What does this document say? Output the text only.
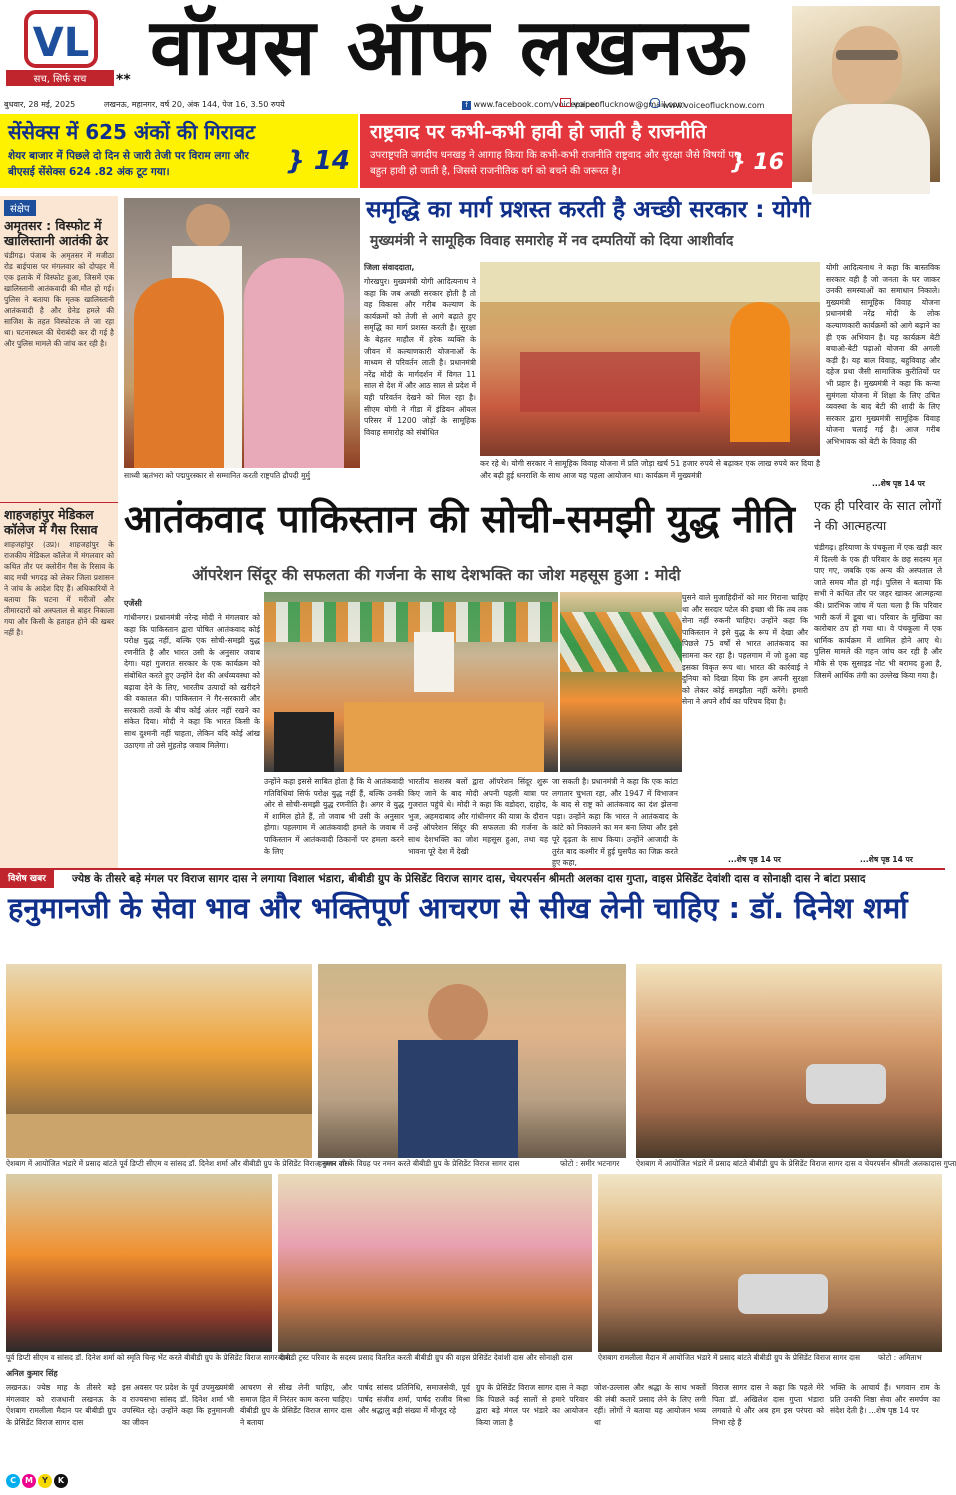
VL
सच, सिर्फ सच ** वॉयस ऑफ लखनऊ
बुधवार, 28 मई, 2025	लखनऊ, महानगर, वर्ष 20, अंक 144, पेज 16, 3.50 रुपये	f www.facebook.com/voicepaper
voiceoflucknow@gmail.com
www.voiceoflucknow.com
सेंसेक्स में 625 अंकों की गिरावट
शेयर बाजार में पिछले दो दिन से जारी तेजी पर विराम लगा और बीएसई सेंसेक्स 624 .82 अंक टूट गया।	} 14
राष्ट्रवाद पर कभी-कभी हावी हो जाती है राजनीति
उपराष्ट्रपति जगदीप धनखड़ ने आगाह किया कि कभी-कभी राजनीति राष्ट्रवाद और सुरक्षा जैसे विषयों पर बहुत हावी हो जाती है, जिससे राजनीतिक वर्ग को बचने की जरूरत है।	} 16
संक्षेप
अमृतसर : विस्फोट में खालिस्तानी आतंकी ढेर
चंडीगढ़। पंजाब के अमृतसर में मजीठा रोड बाईपास पर मंगलवार को दोपहर में एक इलाके में विस्फोट हुआ, जिसमें एक खालिस्तानी आतंकवादी की मौत हो गई। पुलिस ने बताया कि मृतक खालिस्तानी आतंकवादी है और ग्रेनेड हमले की साजिश के तहत विस्फोटक ले जा रहा था। घटनास्थल की घेराबंदी कर दी गई है और पुलिस मामले की जांच कर रही है।
शाहजहांपुर मेडिकल कॉलेज में गैस रिसाव
शाहजहांपुर (उप्र)। शाहजहांपुर के राजकीय मेडिकल कॉलेज में मंगलवार को कथित तौर पर क्लोरीन गैस के रिसाव के बाद मची भगदड़ को लेकर जिला प्रशासन ने जांच के आदेश दिए हैं। अधिकारियों ने बताया कि घटना में मरीजों और तीमारदारों को अस्पताल से बाहर निकाला गया और किसी के हताहत होने की खबर नहीं है।
साध्वी ऋतंभरा को पद्मपुरस्कार से सम्मानित करती राष्ट्रपति द्रौपदी मुर्मु
समृद्धि का मार्ग प्रशस्त करती है अच्छी सरकार : योगी
मुख्यमंत्री ने सामूहिक विवाह समारोह में नव दम्पतियों को दिया आशीर्वाद
जिला संवाददाता,
गोरखपुर। मुख्यमंत्री योगी आदित्यनाथ ने कहा कि जब अच्छी सरकार होती है तो वह विकास और गरीब कल्याण के कार्यक्रमों को तेजी से आगे बढ़ाते हुए समृद्धि का मार्ग प्रशस्त करती है। सुरक्षा के बेहतर माहौल में हरेक व्यक्ति के जीवन में कल्याणकारी योजनाओं के माध्यम से परिवर्तन लाती है। प्रधानमंत्री नरेंद्र मोदी के मार्गदर्शन में विगत 11 साल से देश में और आठ साल से प्रदेश में यही परिवर्तन देखने को मिल रहा है। सीएम योगी ने गीडा में इंडियन ऑयल परिसर में 1200 जोड़ों के सामूहिक विवाह समारोह को संबोधित
कर रहे थे। योगी सरकार ने सामूहिक विवाह योजना में प्रति जोड़ा खर्च 51 हजार रुपये से बढ़ाकर एक लाख रुपये कर दिया है और बढ़ी हुई धनराशि के साथ आज यह पहला आयोजन था। कार्यक्रम में मुख्यमंत्री
योगी आदित्यनाथ ने कहा कि बास्तविक सरकार वही है जो जनता के घर जाकर उनकी समस्याओं का समाधान निकाले। मुख्यमंत्री सामूहिक विवाह योजना प्रधानमंत्री नरेंद्र मोदी के लोक कल्याणकारी कार्यक्रमों को आगे बढ़ाने का ही एक अभियान है। यह कार्यक्रम बेटी बचाओ-बेटी पढ़ाओ योजना की अगली कड़ी है। यह बाल विवाह, बहुविवाह और दहेज प्रथा जैसी सामाजिक कुरीतियों पर भी प्रहार है। मुख्यमंत्री ने कहा कि कन्या सुमंगला योजना में शिक्षा के लिए उचित व्यवस्था के बाद बेटी की शादी के लिए सरकार द्वारा मुख्यमंत्री सामूहिक विवाह योजना चलाई गई है। आज गरीब अभिभावक को बेटी के विवाह की
...शेष पृष्ठ 14 पर
एक ही परिवार के सात लोगों ने की आत्महत्या
चंडीगढ़। हरियाणा के पंचकूला में एक खड़ी कार में दिल्ली के एक ही परिवार के छह सदस्य मृत पाए गए, जबकि एक अन्य की अस्पताल ले जाते समय मौत हो गई। पुलिस ने बताया कि सभी ने कथित तौर पर जहर खाकर आत्महत्या की। प्रारंभिक जांच में पता चला है कि परिवार भारी कर्ज में डूबा था। परिवार के मुखिया का कारोबार ठप हो गया था। वे पंचकूला में एक धार्मिक कार्यक्रम में शामिल होने आए थे। पुलिस मामले की गहन जांच कर रही है और मौके से एक सुसाइड नोट भी बरामद हुआ है, जिसमें आर्थिक तंगी का उल्लेख किया गया है।
...शेष पृष्ठ 14 पर
आतंकवाद पाकिस्तान की सोची-समझी युद्ध नीति
ऑपरेशन सिंदूर की सफलता की गर्जना के साथ देशभक्ति का जोश महसूस हुआ : मोदी
एजेंसी
गांधीनगर। प्रधानमंत्री नरेन्द्र मोदी ने मंगलवार को कहा कि पाकिस्तान द्वारा पोषित आतंकवाद कोई परोक्ष युद्ध नहीं, बल्कि एक सोची-समझी युद्ध रणनीति है और भारत उसी के अनुसार जवाब देगा। यहां गुजरात सरकार के एक कार्यक्रम को संबोधित करते हुए उन्होंने देश की अर्थव्यवस्था को बढ़ावा देने के लिए, भारतीय उत्पादों को खरीदने की वकालत की। पाकिस्तान ने गैर-सरकारी और सरकारी तत्वों के बीच कोई अंतर नहीं रखने का संकेत दिया। मोदी ने कहा कि भारत किसी के साथ दुश्मनी नहीं चाहता, लेकिन यदि कोई आंख उठाएगा तो उसे मुंहतोड़ जवाब मिलेगा।
उन्होंने कहा इससे साबित होता है कि ये आतंकवादी गतिविधियां सिर्फ परोक्ष युद्ध नहीं हैं, बल्कि उनकी ओर से सोची-समझी युद्ध रणनीति है। अगर वे युद्ध में शामिल होते हैं, तो जवाब भी उसी के अनुसार होगा। पहलगाम में आतंकवादी हमले के जवाब में पाकिस्तान में आतंकवादी ठिकानों पर हमला करने के लिए
भारतीय सशस्त्र बलों द्वारा ऑपरेशन सिंदूर शुरू किए जाने के बाद मोदी अपनी पहली यात्रा पर गुजरात पहुंचे थे। मोदी ने कहा कि वडोदरा, दाहोद, भुज, अहमदाबाद और गांधीनगर की यात्रा के दौरान उन्हें ऑपरेशन सिंदूर की सफलता की गर्जना के साथ देशभक्ति का जोश महसूस हुआ, तथा यह भावना पूरे देश में देखी
जा सकती है। प्रधानमंत्री ने कहा कि एक कांटा लगातार चुभता रहा, और 1947 में विभाजन के बाद से राष्ट्र को आतंकवाद का दंश झेलना पड़ा। उन्होंने कहा कि भारत ने आतंकवाद के कांटे को निकालने का मन बना लिया और इसे पूरे दृढ़ता के साथ किया। उन्होंने आजादी के तुरंत बाद कश्मीर में हुई घुसपैठ का जिक्र करते हुए कहा,
घुसने वाले मुजाहिदीनों को मार गिराना चाहिए था और सरदार पटेल की इच्छा थी कि तब तक सेना नहीं रुकनी चाहिए। उन्होंने कहा कि पाकिस्तान ने इसे युद्ध के रूप में देखा और पिछले 75 वर्षों से भारत आतंकवाद का सामना कर रहा है। पहलगाम में जो हुआ वह इसका विकृत रूप था। भारत की कार्रवाई ने दुनिया को दिखा दिया कि हम अपनी सुरक्षा को लेकर कोई समझौता नहीं करेंगे। हमारी सेना ने अपने शौर्य का परिचय दिया है।
...शेष पृष्ठ 14 पर
विशेष खबर	ज्येष्ठ के तीसरे बड़े मंगल पर विराज सागर दास ने लगाया विशाल भंडारा, बीबीडी ग्रुप के प्रेसिडेंट विराज सागर दास, चेयरपर्सन श्रीमती अलका दास गुप्ता, वाइस प्रेसिडेंट देवांशी दास व सोनाक्षी दास ने बांटा प्रसाद
हनुमानजी के सेवा भाव और भक्तिपूर्ण आचरण से सीख लेनी चाहिए : डॉ. दिनेश शर्मा
ऐशबाग में आयोजित भंडारे में प्रसाद बांटते पूर्व डिप्टी सीएम व सांसद डॉ. दिनेश शर्मा और बीबीडी ग्रुप के प्रेसिडेंट विराज सागर दास
हनुमान जी के विग्रह पर नमन करते बीबीडी ग्रुप के प्रेसिडेंट विराज सागर दास	फोटो : समीर भटनागर	ऐशबाग में आयोजित भंडारे में प्रसाद बांटते बीबीडी ग्रुप के प्रेसिडेंट विराज सागर दास व चेयरपर्सन श्रीमती अलकादास गुप्ता
पूर्व डिप्टी सीएम व सांसद डॉ. दिनेश शर्मा को स्मृति चिन्ह भेंट करते बीबीडी ग्रुप के प्रेसिडेंट विराज सागर दास
बीबीडी ट्रस्ट परिवार के सदस्य प्रसाद वितरित करती बीबीडी ग्रुप की वाइस प्रेसिडेंट देवांशी दास और सोनाक्षी दास	ऐशबाग रामलीला मैदान में आयोजित भंडारे में प्रसाद बांटते बीबीडी ग्रुप के प्रेसिडेंट विराज सागर दास	फोटो : अमिताभ
अनिल कुमार सिंह
लखनऊ। ज्येष्ठ माह के तीसरे बड़े मंगलवार को राजधानी लखनऊ के ऐशबाग रामलीला मैदान पर बीबीडी ग्रुप के प्रेसिडेंट विराज सागर दास
इस अवसर पर प्रदेश के पूर्व उपमुख्यमंत्री व राज्यसभा सांसद डॉ. दिनेश शर्मा भी उपस्थित रहे। उन्होंने कहा कि हनुमानजी का जीवन
आचरण से सीख लेनी चाहिए, और समाज हित में निरंतर काम करना चाहिए। बीबीडी ग्रुप के प्रेसिडेंट विराज सागर दास ने बताया
पार्षद सांसद प्रतिनिधि, समाजसेवी, पूर्व पार्षद संजीव शर्मा, पार्षद राजीव मिश्रा और श्रद्धालु बड़ी संख्या में मौजूद रहे
ग्रुप के प्रेसिडेंट विराज सागर दास ने कहा कि पिछले कई सालों से हमारे परिवार द्वारा बड़े मंगल पर भंडारे का आयोजन किया जाता है
जोश-उल्लास और श्रद्धा के साथ भक्तों की लंबी कतारें प्रसाद लेने के लिए लगी रहीं। लोगों ने बताया यह आयोजन भव्य था
विराज सागर दास ने कहा कि पहले मेरे पिता डॉ. अखिलेश दास गुप्ता भंडारा लगवाते थे और अब हम इस परंपरा को निभा रहे हैं
भक्ति के आचार्य हैं। भगवान राम के प्रति उनकी निष्ठा सेवा और समर्पण का संदेश देती है। ...शेष पृष्ठ 14 पर
C	M	Y	K
